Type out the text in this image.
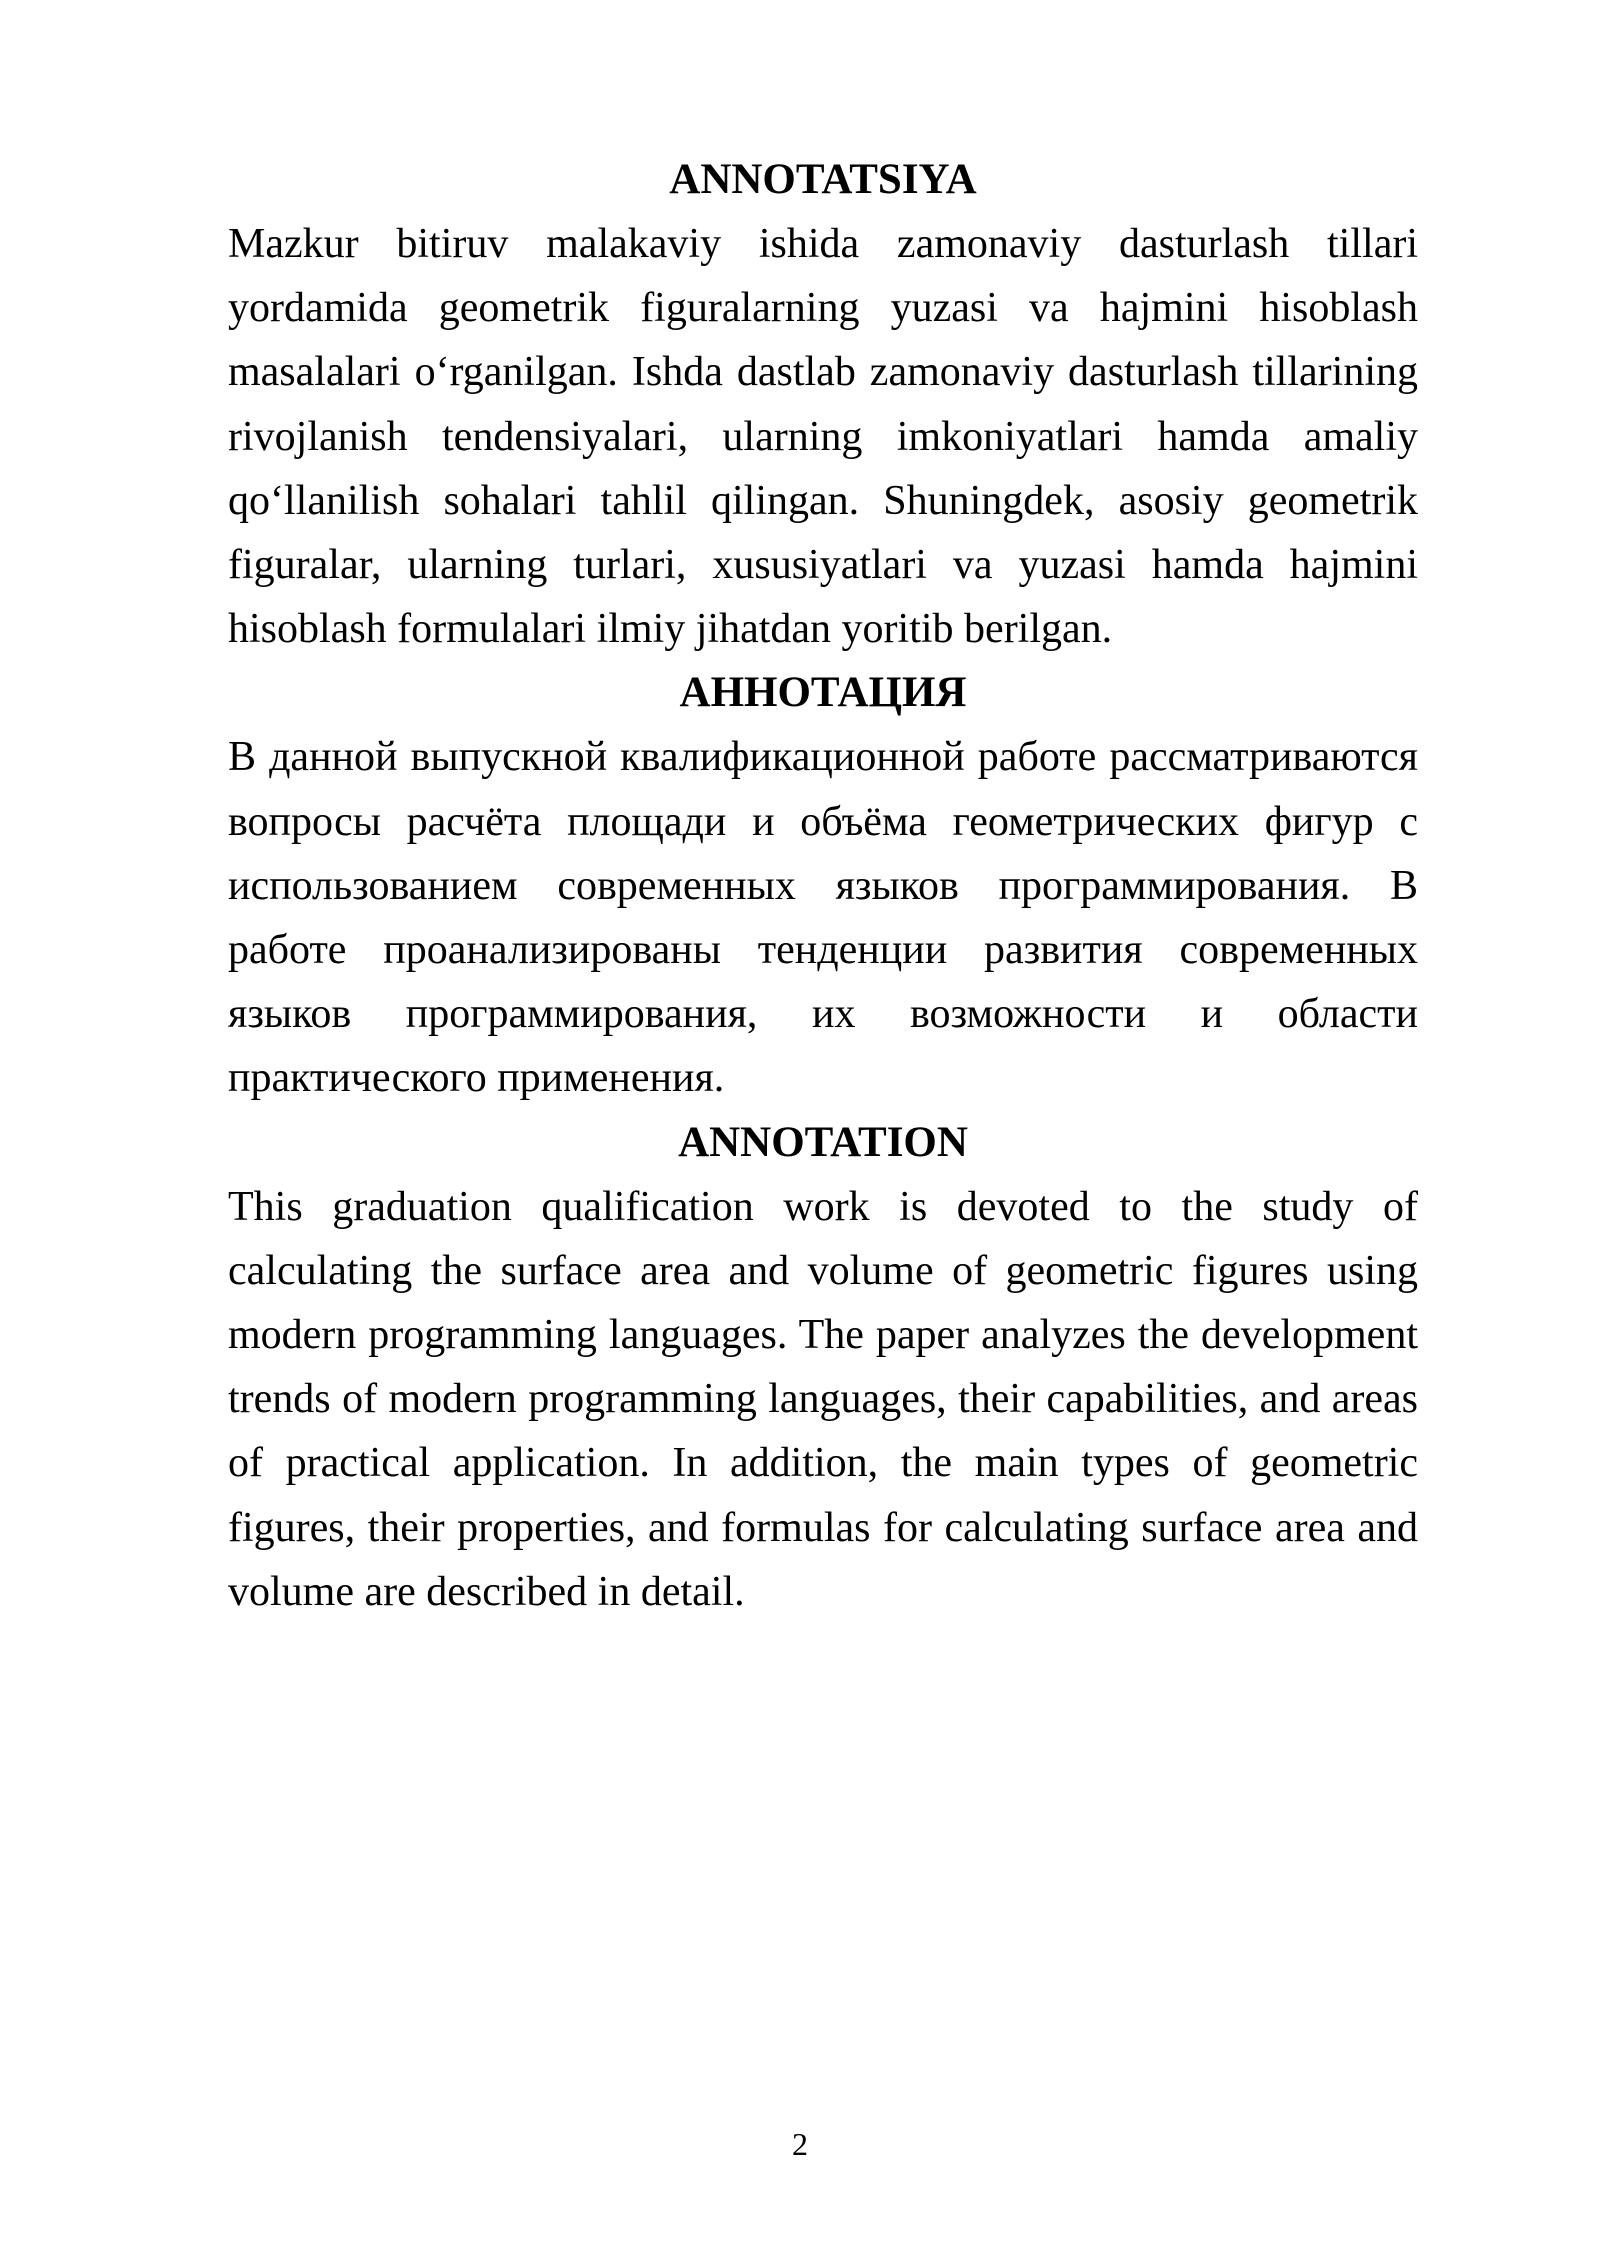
ANNOTATSIYA

Mazkur bitiruv malakaviy ishida zamonaviy dasturlash tillari yordamida geometrik figuralarning yuzasi va hajmini hisoblash masalalari o‘rganilgan. Ishda dastlab zamonaviy dasturlash tillarining rivojlanish tendensiyalari, ularning imkoniyatlari hamda amaliy qo‘llanilish sohalari tahlil qilingan. Shuningdek, asosiy geometrik figuralar, ularning turlari, xususiyatlari va yuzasi hamda hajmini hisoblash formulalari ilmiy jihatdan yoritib berilgan.

АННОТАЦИЯ

В данной выпускной квалификационной работе рассматриваются вопросы расчёта площади и объёма геометрических фигур с использованием современных языков программирования. В работе проанализированы тенденции развития современных языков программирования, их возможности и области практического применения.

ANNOTATION

This graduation qualification work is devoted to the study of calculating the surface area and volume of geometric figures using modern programming languages. The paper analyzes the development trends of modern programming languages, their capabilities, and areas of practical application. In addition, the main types of geometric figures, their properties, and formulas for calculating surface area and volume are described in detail.

2
